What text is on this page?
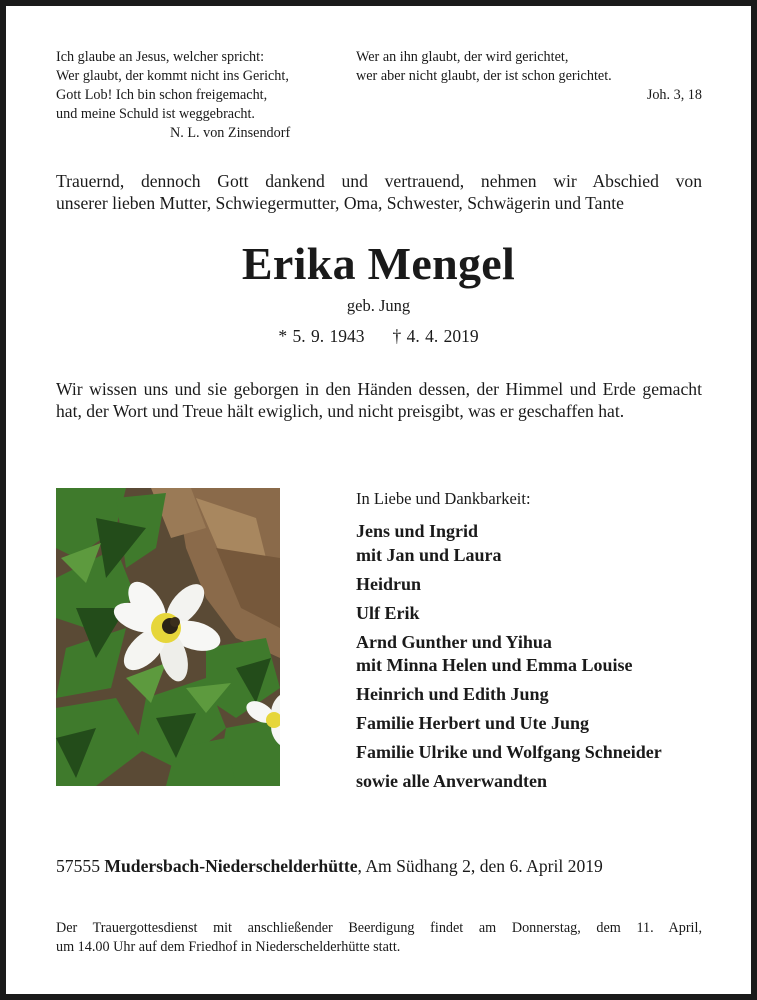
Ich glaube an Jesus, welcher spricht:
Wer glaubt, der kommt nicht ins Gericht,
Gott Lob! Ich bin schon freigemacht,
und meine Schuld ist weggebracht.
N. L. von Zinsendorf
Wer an ihn glaubt, der wird gerichtet,
wer aber nicht glaubt, der ist schon gerichtet.
Joh. 3, 18
Trauernd, dennoch Gott dankend und vertrauend, nehmen wir Abschied von
unserer lieben Mutter, Schwiegermutter, Oma, Schwester, Schwägerin und Tante
Erika Mengel
geb. Jung
* 5. 9. 1943 † 4. 4. 2019
Wir wissen uns und sie geborgen in den Händen dessen, der Himmel und Erde gemacht hat, der Wort und Treue hält ewiglich, und nicht preisgibt, was er geschaffen hat.
In Liebe und Dankbarkeit:
Jens und Ingrid
mit Jan und Laura
Heidrun
Ulf Erik
Arnd Gunther und Yihua
mit Minna Helen und Emma Louise
Heinrich und Edith Jung
Familie Herbert und Ute Jung
Familie Ulrike und Wolfgang Schneider
sowie alle Anverwandten
57555 Mudersbach-Niederschelderhütte, Am Südhang 2, den 6. April 2019
Der Trauergottesdienst mit anschließender Beerdigung findet am Donnerstag, dem 11. April,
um 14.00 Uhr auf dem Friedhof in Niederschelderhütte statt.
